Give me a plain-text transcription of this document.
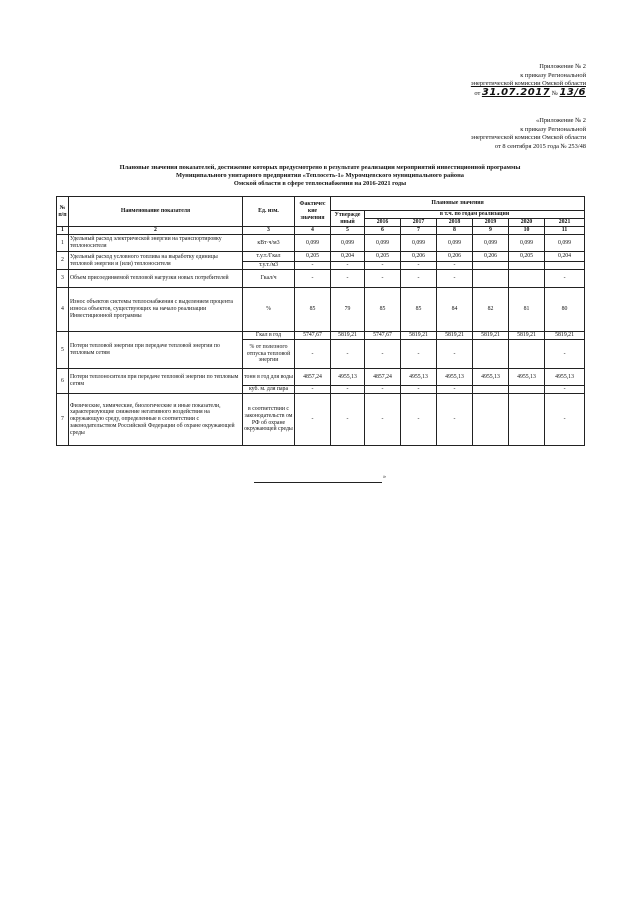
Приложение № 2
к приказу Региональной
энергетической комиссии Омской области
от 31.07.2017 № 13/6
«Приложение № 2
к приказу Региональной
энергетической комиссии Омской области
от 8 сентября 2015 года № 253/48
Плановые значения показателей, достижение которых предусмотрено в результате реализации мероприятий инвестиционной программы
Муниципального унитарного предприятия «Теплосеть-1» Муромцевского муниципального района
Омской области в сфере теплоснабжения на 2016-2021 годы
№ п/п	Наименование показателя	Ед. изм.	Фактичес кие значения	Плановые значения						
				Утвержде нный	в т.ч. по годам реализации					
					2016	2017	2018	2019	2020	2021
1	2	3	4	5	6	7	8	9	10	11
1	Удельный расход электрической энергии на транспортировку теплоносителя	кВт·ч/м3	0,099	0,099	0,099	0,099	0,099	0,099	0,099	0,099
2	Удельный расход условного топлива на выработку единицы тепловой энергии и (или) теплоносителя	т.у.т./Гкал	0,205	0,204	0,205	0,206	0,206	0,206	0,205	0,204
		т.у.т./м3	-	-	-	-	-			
3	Объем присоединяемой тепловой нагрузки новых потребителей	Гкал/ч	-	-	-	-	-			-
4	Износ объектов системы теплоснабжения с выделением процента износа объектов, существующих на начало реализации Инвестиционной программы	%	85	79	85	85	84	82	81	80
5	Потери тепловой энергии при передаче тепловой энергии по тепловым сетям	Гкал в год	5747,67	5819,21	5747,67	5819,21	5819,21	5819,21	5819,21	5819,21
		% от полезного отпуска тепловой энергии	-	-	-	-	-			-
6	Потери теплоносителя при передаче тепловой энергии по тепловым сетям	тонн в год для воды	4857,24	4955,13	4857,24	4955,13	4955,13	4955,13	4955,13	4955,13
		куб. м. для пара	-	-	-	-	-			-
7	Физические, химические, биологические и иные показатели, характеризующие снижение негативного воздействия на окружающую среду, определенные в соответствии с законодательством Российской Федерации об охране окружающей среды	в соответствии с законодательств ом РФ об охране окружающей среды	-	-	-	-	-			-
»
